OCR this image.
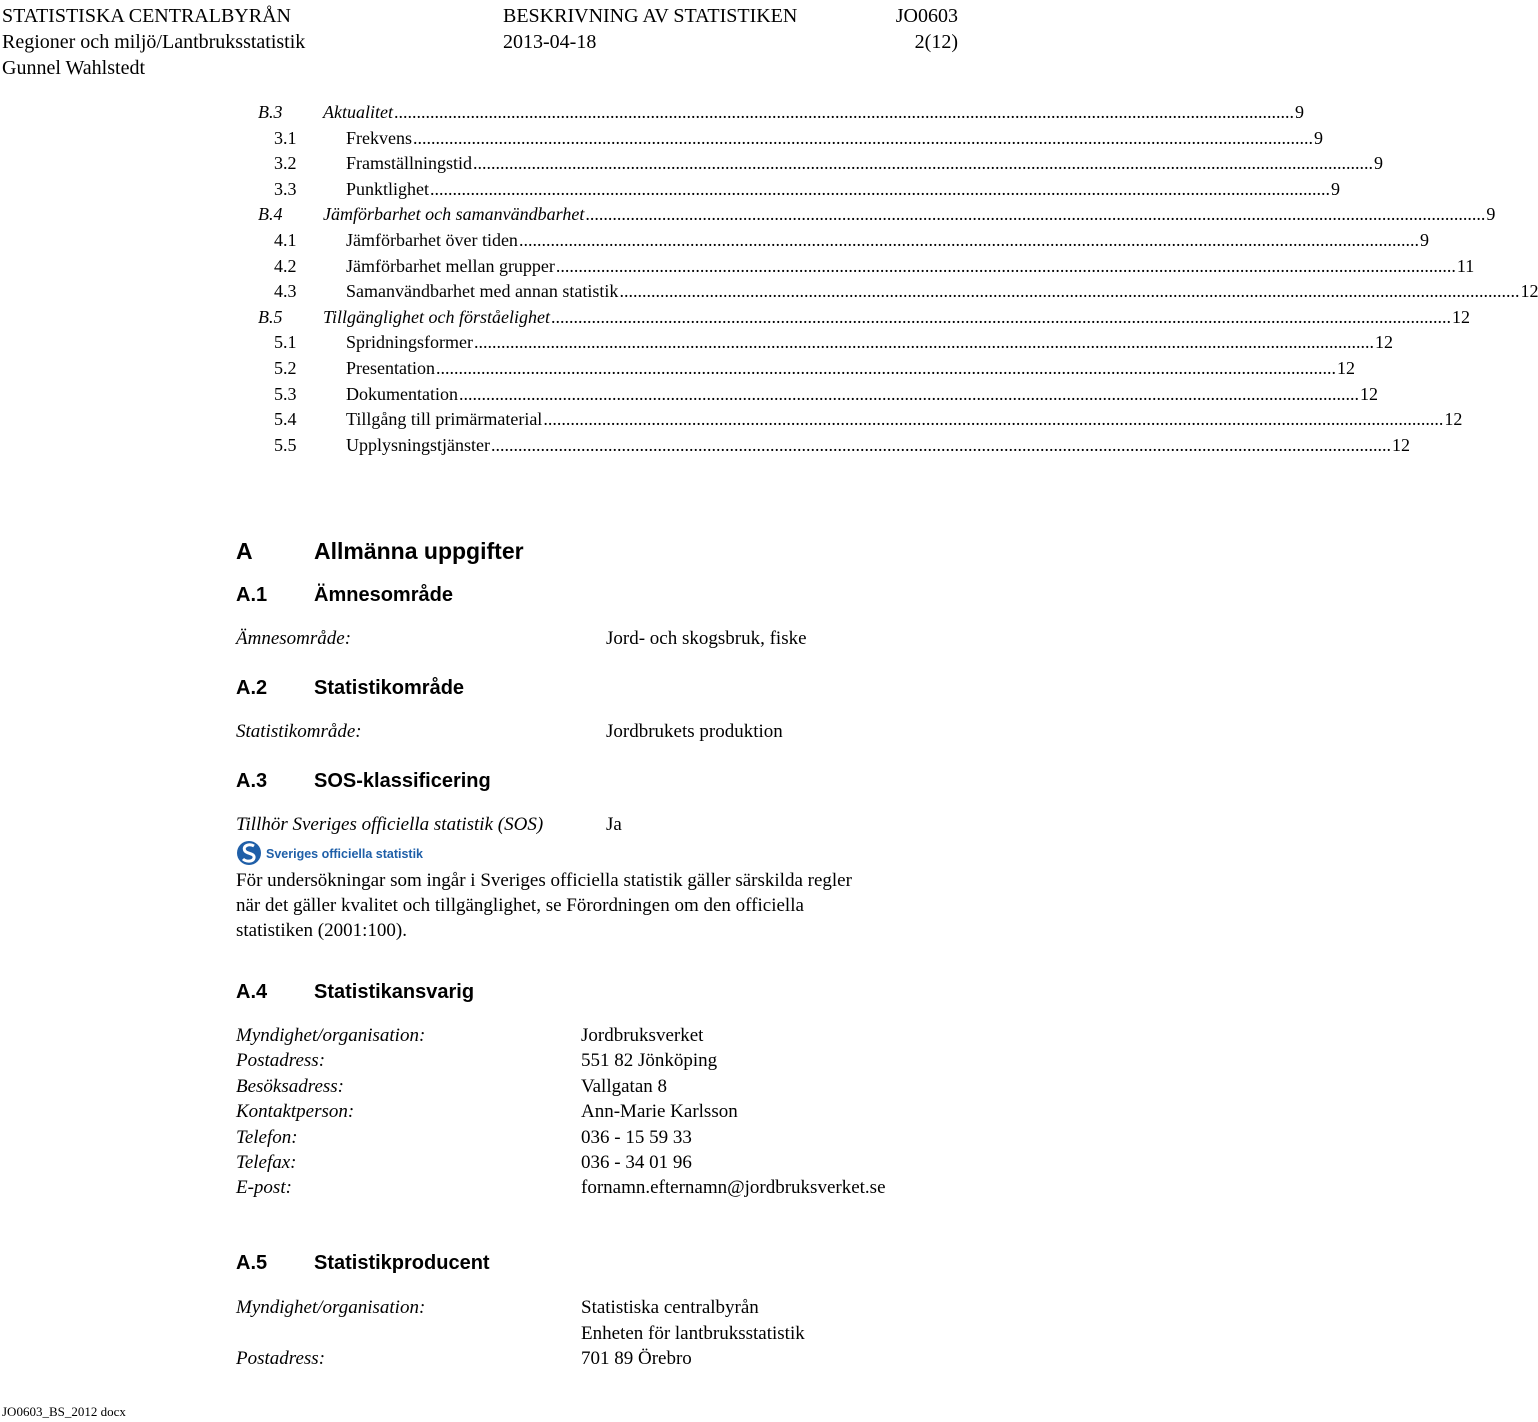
STATISTISKA CENTRALBYRÅN	BESKRIVNING AV STATISTIKEN	JO0603
Regioner och miljö/Lantbruksstatistik	2013-04-18	2(12)
Gunnel Wahlstedt
B.3 Aktualitet ........................................................................................................................................................................................................ 9
3.1	Frekvens ........................................................................................................................................................................................................ 9
3.2	Framställningstid ........................................................................................................................................................................................................ 9
3.3	Punktlighet ........................................................................................................................................................................................................ 9
B.4 Jämförbarhet och samanvändbarhet ........................................................................................................................................................................................................ 9
4.1	Jämförbarhet över tiden ........................................................................................................................................................................................................ 9
4.2	Jämförbarhet mellan grupper ........................................................................................................................................................................................................ 11
4.3	Samanvändbarhet med annan statistik ........................................................................................................................................................................................................ 12
B.5 Tillgänglighet och förståelighet ........................................................................................................................................................................................................ 12
5.1	Spridningsformer ........................................................................................................................................................................................................ 12
5.2	Presentation ........................................................................................................................................................................................................ 12
5.3	Dokumentation ........................................................................................................................................................................................................ 12
5.4	Tillgång till primärmaterial ........................................................................................................................................................................................................ 12
5.5	Upplysningstjänster ........................................................................................................................................................................................................ 12
A	Allmänna uppgifter
A.1 Ämnesområde
Ämnesområde:	Jord- och skogsbruk, fiske
A.2 Statistikområde
Statistikområde:	Jordbrukets produktion
A.3 SOS-klassificering
Tillhör Sveriges officiella statistik (SOS)	Ja
Sveriges officiella statistik
För undersökningar som ingår i Sveriges officiella statistik gäller särskilda regler
när det gäller kvalitet och tillgänglighet, se Förordningen om den officiella
statistiken (2001:100).
A.4 Statistikansvarig
Myndighet/organisation:	Jordbruksverket
Postadress:	551 82 Jönköping
Besöksadress:	Vallgatan 8
Kontaktperson:	Ann-Marie Karlsson
Telefon:	036 - 15 59 33
Telefax:	036 - 34 01 96
E-post:	fornamn.efternamn@jordbruksverket.se
A.5 Statistikproducent
Myndighet/organisation:	Statistiska centralbyrån
Enheten för lantbruksstatistik
Postadress:	701 89 Örebro
JO0603_BS_2012 docx
